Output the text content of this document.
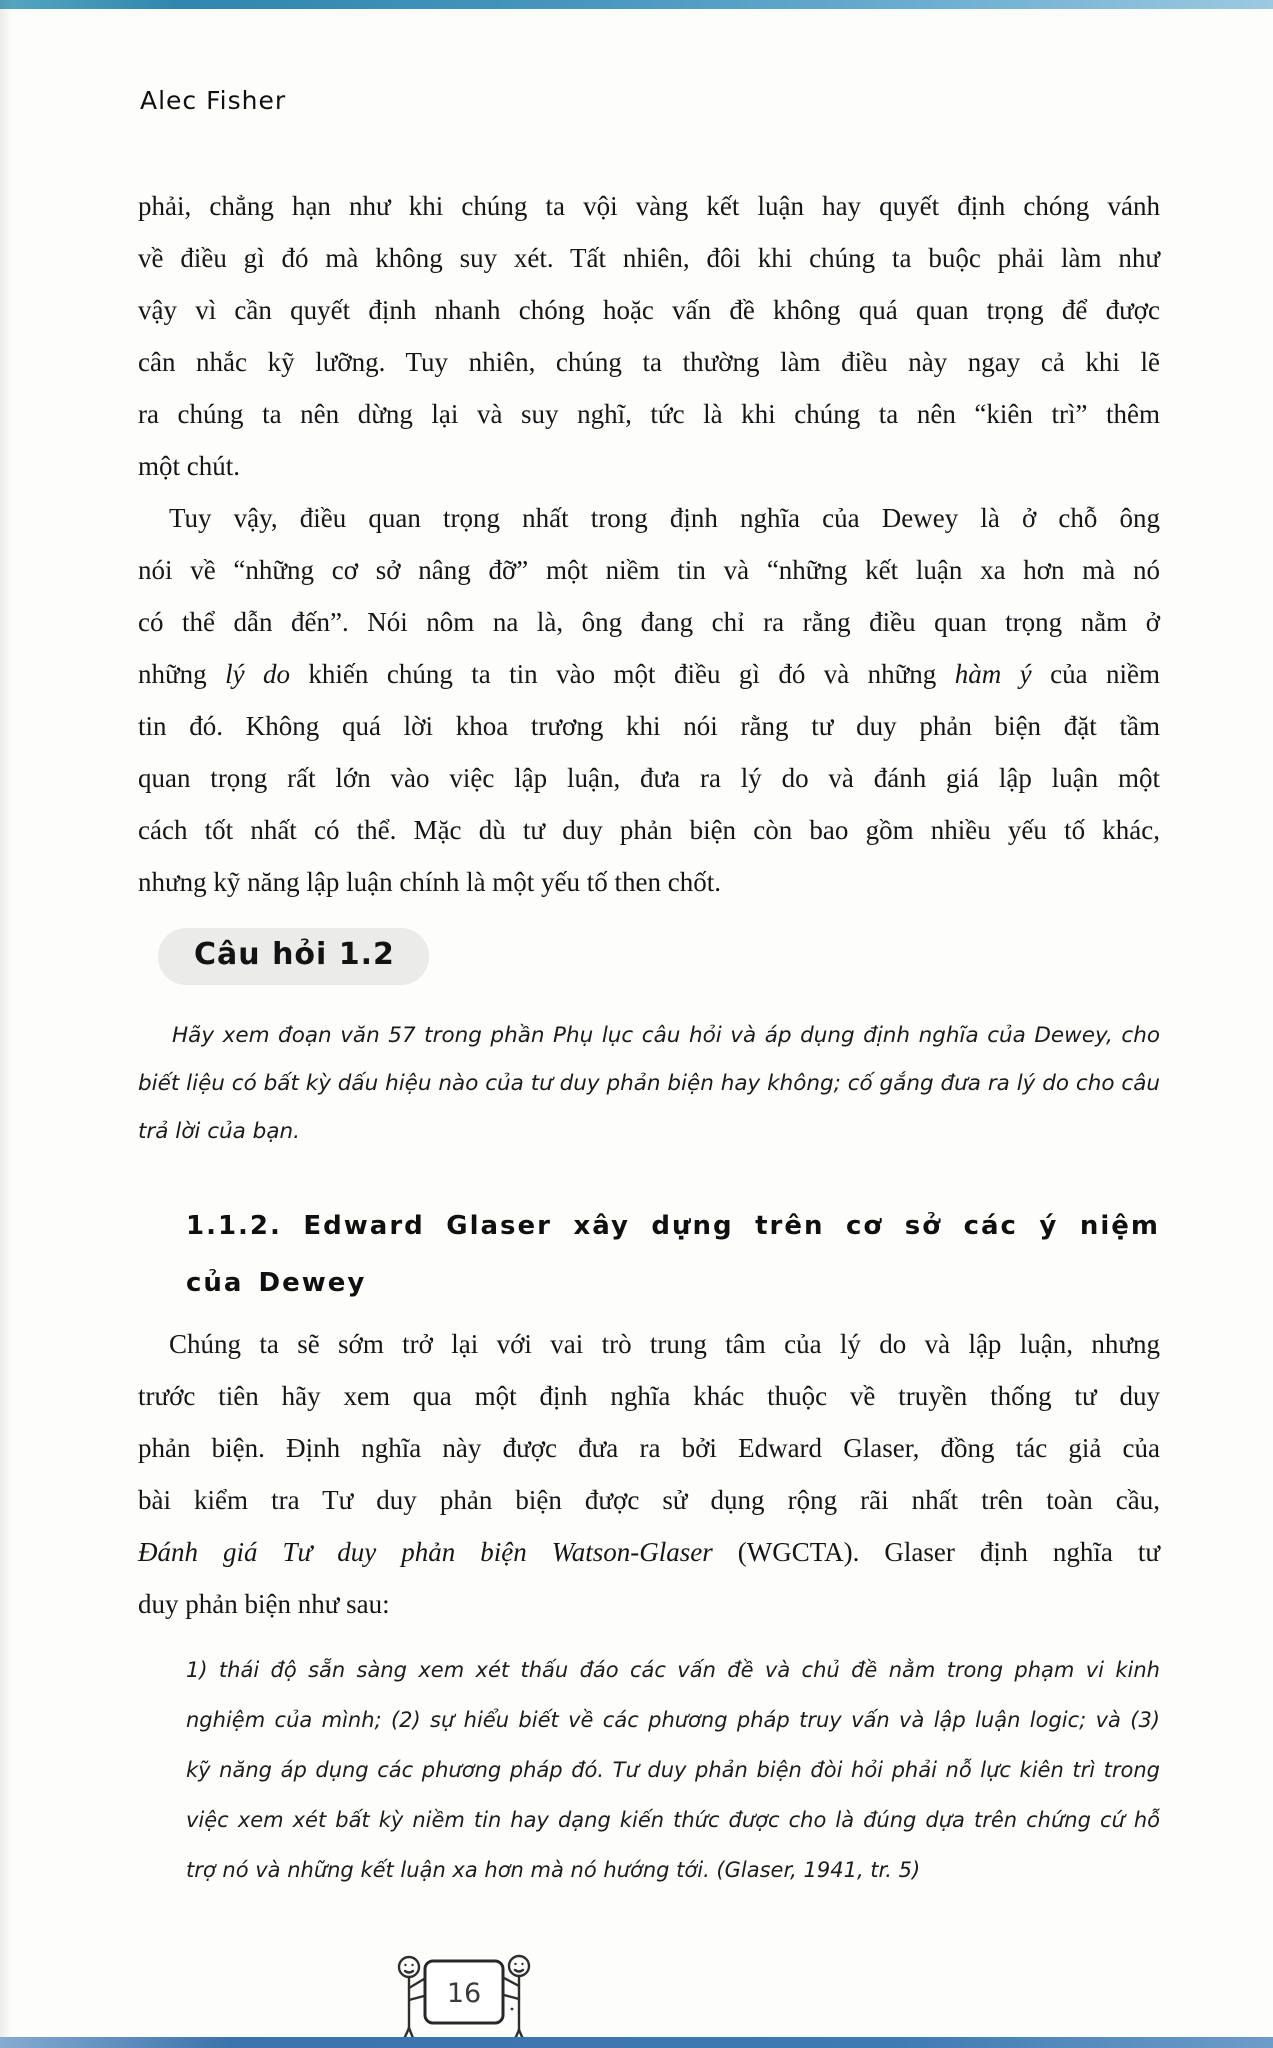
Alec Fisher
phải, chẳng hạn như khi chúng ta vội vàng kết luận hay quyết định chóng vánh
về điều gì đó mà không suy xét. Tất nhiên, đôi khi chúng ta buộc phải làm như
vậy vì cần quyết định nhanh chóng hoặc vấn đề không quá quan trọng để được
cân nhắc kỹ lưỡng. Tuy nhiên, chúng ta thường làm điều này ngay cả khi lẽ
ra chúng ta nên dừng lại và suy nghĩ, tức là khi chúng ta nên “kiên trì” thêm
một chút.
Tuy vậy, điều quan trọng nhất trong định nghĩa của Dewey là ở chỗ ông
nói về “những cơ sở nâng đỡ” một niềm tin và “những kết luận xa hơn mà nó
có thể dẫn đến”. Nói nôm na là, ông đang chỉ ra rằng điều quan trọng nằm ở
những lý do khiến chúng ta tin vào một điều gì đó và những hàm ý của niềm
tin đó. Không quá lời khoa trương khi nói rằng tư duy phản biện đặt tầm
quan trọng rất lớn vào việc lập luận, đưa ra lý do và đánh giá lập luận một
cách tốt nhất có thể. Mặc dù tư duy phản biện còn bao gồm nhiều yếu tố khác,
nhưng kỹ năng lập luận chính là một yếu tố then chốt.
Câu hỏi 1.2
Hãy xem đoạn văn 57 trong phần Phụ lục câu hỏi và áp dụng định nghĩa của Dewey, cho
biết liệu có bất kỳ dấu hiệu nào của tư duy phản biện hay không; cố gắng đưa ra lý do cho câu
trả lời của bạn.
1.1.2. Edward Glaser xây dựng trên cơ sở các ý niệm
của Dewey
Chúng ta sẽ sớm trở lại với vai trò trung tâm của lý do và lập luận, nhưng
trước tiên hãy xem qua một định nghĩa khác thuộc về truyền thống tư duy
phản biện. Định nghĩa này được đưa ra bởi Edward Glaser, đồng tác giả của
bài kiểm tra Tư duy phản biện được sử dụng rộng rãi nhất trên toàn cầu,
Đánh giá Tư duy phản biện Watson-Glaser (WGCTA). Glaser định nghĩa tư
duy phản biện như sau:
1) thái độ sẵn sàng xem xét thấu đáo các vấn đề và chủ đề nằm trong phạm vi kinh
nghiệm của mình; (2) sự hiểu biết về các phương pháp truy vấn và lập luận logic; và (3)
kỹ năng áp dụng các phương pháp đó. Tư duy phản biện đòi hỏi phải nỗ lực kiên trì trong
việc xem xét bất kỳ niềm tin hay dạng kiến thức được cho là đúng dựa trên chứng cứ hỗ
trợ nó và những kết luận xa hơn mà nó hướng tới. (Glaser, 1941, tr. 5)
16
